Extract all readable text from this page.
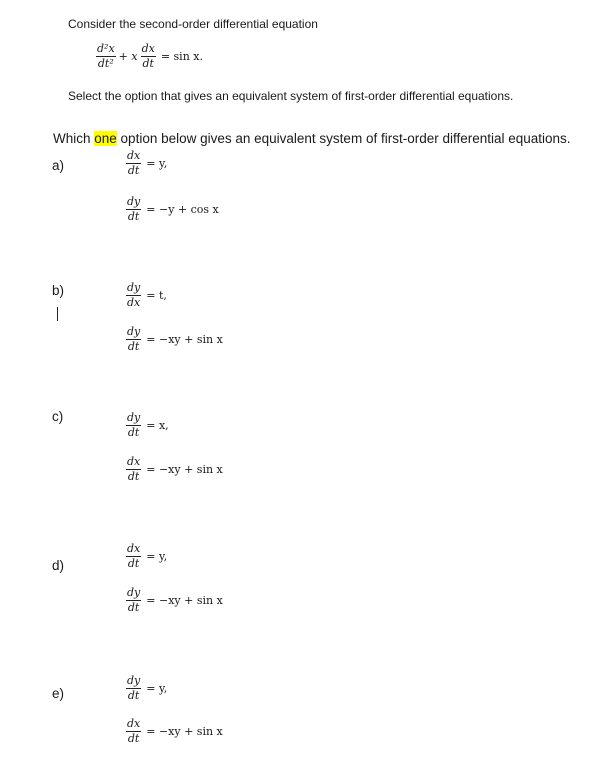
Consider the second-order differential equation
$\frac{\text{d²x}}{\text{dt²}} + x \frac{dx}{dt} = \sin x$.
Select the option that gives an equivalent system of first-order differential equations.
Which one option below gives an equivalent system of first-order differential equations.
a)	$\frac{dx}{dt} = y$,
$\frac{dy}{dt} = -y + \cos x$
b)	$\frac{dy}{dx} = t$,
$\frac{dy}{dt} = -xy + \sin x$
c)	$\frac{dy}{dt} = x$,
$\frac{dx}{dt} = -xy + \sin x$
d)	$\frac{dx}{dt} = y$,
$\frac{dy}{dt} = -xy + \sin x$
e)	$\frac{dy}{dt} = y$,
$\frac{dx}{dt} = -xy + \sin x$
